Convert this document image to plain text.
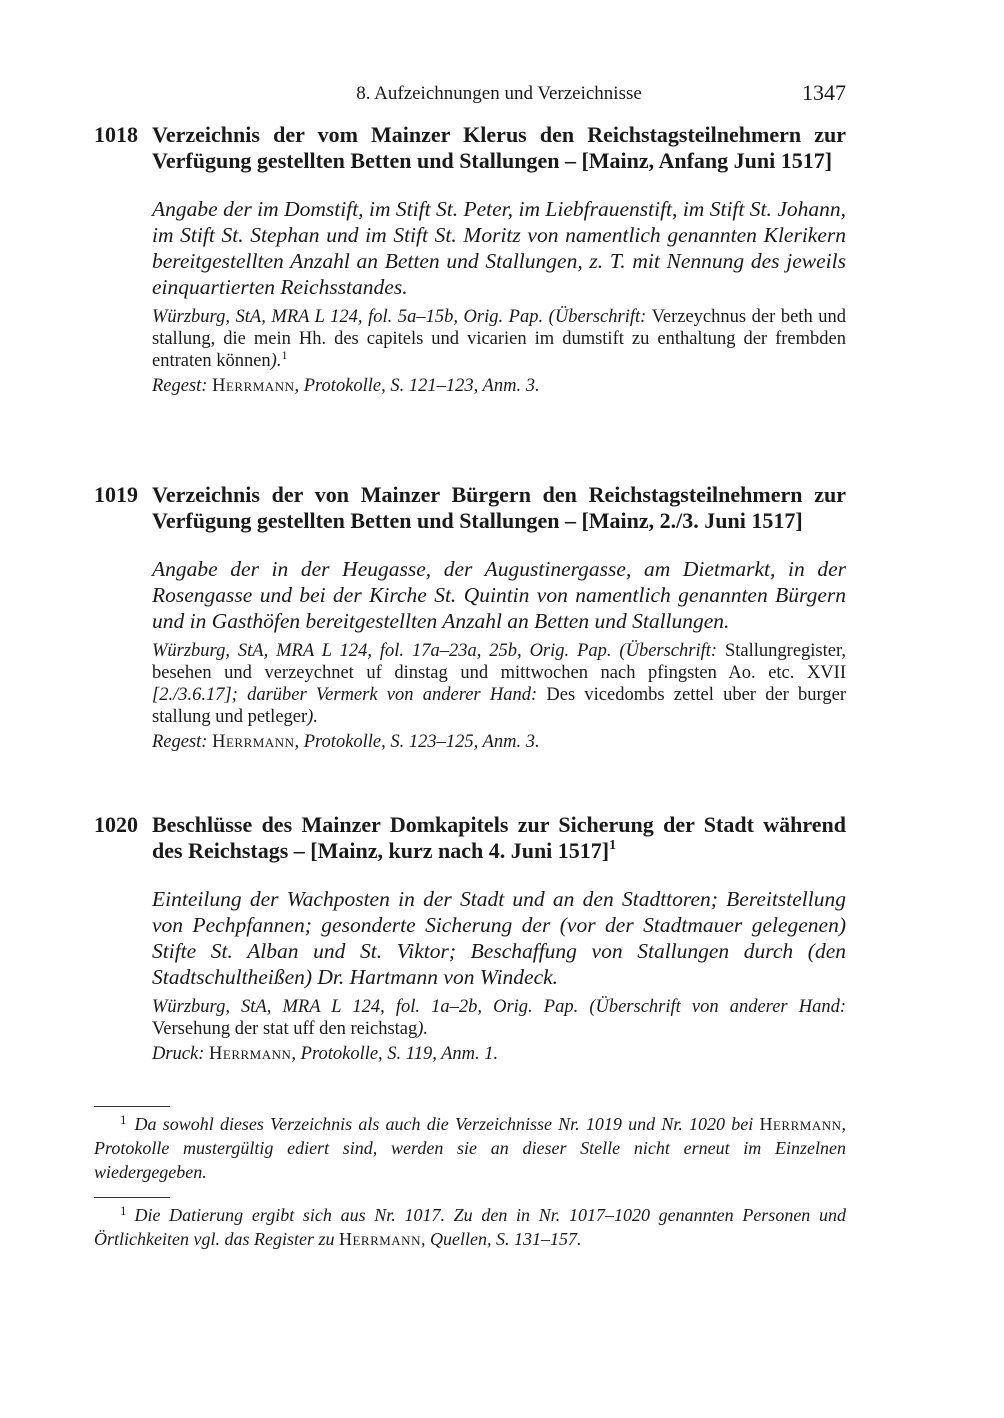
8. Aufzeichnungen und Verzeichnisse	1347
1018 Verzeichnis der vom Mainzer Klerus den Reichstagsteilnehmern zur Verfügung gestellten Betten und Stallungen – [Mainz, Anfang Juni 1517]
Angabe der im Domstift, im Stift St. Peter, im Liebfrauenstift, im Stift St. Johann, im Stift St. Stephan und im Stift St. Moritz von namentlich genannten Klerikern bereitgestellten Anzahl an Betten und Stallungen, z. T. mit Nennung des jeweils einquartierten Reichsstandes.
Würzburg, StA, MRA L 124, fol. 5a–15b, Orig. Pap. (Überschrift: Verzeychnus der beth und stallung, die mein Hh. des capitels und vicarien im dumstift zu enthaltung der frembden entraten können).$^1$
Regest: Herrmann, Protokolle, S. 121–123, Anm. 3.
1019 Verzeichnis der von Mainzer Bürgern den Reichstagsteilnehmern zur Verfügung gestellten Betten und Stallungen – [Mainz, 2./3. Juni 1517]
Angabe der in der Heugasse, der Augustinergasse, am Dietmarkt, in der Rosengasse und bei der Kirche St. Quintin von namentlich genannten Bürgern und in Gasthöfen bereitgestellten Anzahl an Betten und Stallungen.
Würzburg, StA, MRA L 124, fol. 17a–23a, 25b, Orig. Pap. (Überschrift: Stallungregister, besehen und verzeychnet uf dinstag und mittwochen nach pfingsten Ao. etc. XVII [2./3.6.17]; darüber Vermerk von anderer Hand: Des vicedombs zettel uber der burger stallung und petleger).
Regest: Herrmann, Protokolle, S. 123–125, Anm. 3.
1020 Beschlüsse des Mainzer Domkapitels zur Sicherung der Stadt während des Reichstags – [Mainz, kurz nach 4. Juni 1517]$^1$
Einteilung der Wachposten in der Stadt und an den Stadttoren; Bereitstellung von Pechpfannen; gesonderte Sicherung der (vor der Stadtmauer gelegenen) Stifte St. Alban und St. Viktor; Beschaffung von Stallungen durch (den Stadtschultheißen) Dr. Hartmann von Windeck.
Würzburg, StA, MRA L 124, fol. 1a–2b, Orig. Pap. (Überschrift von anderer Hand: Versehung der stat uff den reichstag).
Druck: Herrmann, Protokolle, S. 119, Anm. 1.
$^1$ Da sowohl dieses Verzeichnis als auch die Verzeichnisse Nr. 1019 und Nr. 1020 bei Herrmann, Protokolle mustergültig ediert sind, werden sie an dieser Stelle nicht erneut im Einzelnen wiedergegeben.
$^1$ Die Datierung ergibt sich aus Nr. 1017. Zu den in Nr. 1017–1020 genannten Personen und Örtlichkeiten vgl. das Register zu Herrmann, Quellen, S. 131–157.
